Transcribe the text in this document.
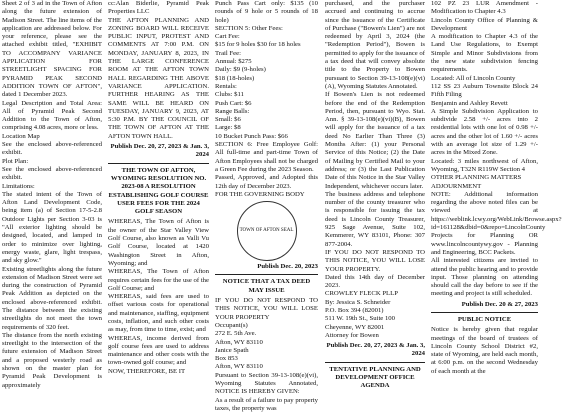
Sheet 2 of 3 ad in the Town of Afton along the future extension of Madison Street. The line items of the application are addressed below. For your reference, please see the attached exhibit titled, "EXHIBIT TO ACCOMPANY VARIANCE APPLICATION FOR STREETLIGHT SPACING FOR PYRAMID PEAK SECOND ADDITION TOWN OF AFTON", dated 1 December 2023.

Legal Description and Total Area: All of Pyramid Peak Second Addition to the Town of Afton, comprising 4.08 acres, more or less.

Location Map

See the enclosed above-referenced exhibit.

Plot Plan:

See the enclosed above-referenced exhibit.

Limitations:

The stated intent of the Town of Afton Land Development Code, being item (a) of Section 17-5-2.8 Outdoor Lights per Section 3-03 is "All exterior lighting should be designed, located, and lamped in order to minimize over lighting, energy waste, glare, light trespass, and sky glow."

Existing streetlights along the future extension of Madison Street were set during the construction of Pyramid Peak Addition as depicted on the enclosed above-referenced exhibit. The distance between the existing streetlights do not meet the town requirements of 320 feet.

The distance from the north existing streetlight to the intersection of the future extension of Madison Street and a proposed westerly road as shown on the master plan for Pyramid Peak Development is approximately

cc:Alan Biderlie, Pyramid Peak Properties LLC

THE AFTON PLANNING AND ZONING BOARD WILL RECEIVE PUBLIC INPUT, PROTEST AND COMMENTS AT 7:00 P.M. ON MONDAY, JANUARY 8, 2023, IN THE LARGE CONFERENCE ROOM AT THE AFTON TOWN HALL REGARDING THE ABOVE VARIANCE APPLICATION. FURTHER HEARING AS THE SAME WILL BE HEARD ON TUESDAY, JANUARY 9, 2023, AT 5:30 P.M. BY THE COUNCIL OF THE TOWN OF AFTON AT THE AFTON TOWN HALL.

Publish Dec. 20, 27, 2023 & Jan. 3, 2024

THE TOWN OF AFTON, WYOMING RESOLUTION NO. 2023-08 A RESOLUTION ESTABLISHING GOLF COURSE USER FEES FOR THE 2024 GOLF SEASON

WHEREAS, The Town of Afton is the owner of the Star Valley View Golf Course, also known as Valli Vu Golf Course, located at 1420 Washington Street in Afton, Wyoming; and

WHEREAS, The Town of Afton requires certain fees for the use of the Golf Course; and

WHEREAS, said fees are used to offset various costs for operational and maintenance, staffing, equipment costs, inflation, and such other costs as may, from time to time, exist; and

WHEREAS, income derived from golf course fees are used to address maintenance and other costs with the town-owned golf course; and

NOW, THEREFORE, BE IT

Punch Pass Cart only: $135 (10 rounds of 9 hole or 5 rounds of 18 hole)

SECTION 5: Other Fees:

Cart Fee:

$15 for 9 holes $30 for 18 holes

Trail Fee:

Annual: $275

Daily: $9 (9-holes)

$18 (18-holes)

Rentals:

Clubs: $11

Push Cart: $6

Range Balls:

Small: $6

Large: $8

10 Bucket Punch Pass: $66

SECTION 6: Free Employee Golf: All full-time and part-time Town of Afton Employees shall not be charged a Green Fee during the 2023 Season.

Passed, Approved, and Adopted this 12th day of December 2023.

FOR THE GOVERNING BODY

TOWN OF AFTON SEAL

Publish Dec. 20, 2023

NOTICE THAT A TAX DEED MAY ISSUE

IF YOU DO NOT RESPOND TO THIS NOTICE, YOU WILL LOSE YOUR PROPERTY

Occupant(s)

272 E. 5th Ave.

Afton, WY 83110

Janice Spath

Box 853

Afton, WY 83110

Pursuant to Section 39-13-108(e)(vi), Wyoming Statutes Annotated, NOTICE IS HEREBY GIVEN:

As a result of a failure to pay property taxes, the property was

purchased, and the purchaser accrued and continuing to accrue since the issuance of the Certificate of Purchase ("Bowen's Lien") are not redeemed by April 3, 2024 (the "Redemption Period"), Bowen is permitted to apply for the issuance of a tax deed that will convey absolute title to the Property to Bowen pursuant to Section 39-13-108(e)(vi)(A), Wyoming Statutes Annotated.

If Bowen's Lien is not redeemed before the end of the Redemption Period, then, pursuant to Wyo. Stat. Ann. § 39-13-108(e)(vi)(B), Bowen will apply for the issuance of a tax deed No Earlier Than Three (3) Months After: (1) your Personal Service of this Notice; (2) the Date of Mailing by Certified Mail to your address; or (3) the Last Publication Date of this Notice in the Star Valley Independent, whichever occurs later.

The business address and telephone number of the county treasurer who is responsible for issuing the tax deed is Lincoln County Treasurer, 925 Sage Avenue, Suite 102, Kemmerer, WY 83101, Phone: 307 877-2004.

IF YOU DO NOT RESPOND TO THIS NOTICE, YOU WILL LOSE YOUR PROPERTY.

Dated this 14th day of December 2023.

CROWLEY FLECK PLLP

By: Jessica S. Schneider

P.O. Box 394 (82001)

511 W. 19th St., Suite 100

Cheyenne, WY 82001

Attorney for Bowen

Publish Dec. 20, 27, 2023 & Jan. 3, 2024

TENTATIVE PLANNING AND DEVELOPMENT OFFICE AGENDA

102 PZ 23 LUR Amendment - Modification to Chapter 4.3

Lincoln County Office of Planning & Development

A modification to Chapter 4.3 of the Land Use Regulations, to Exempt Simple and Minor Subdivisions from the new state subdivision fencing requirements.

Located: All of Lincoln County

112 SS 23 Auburn Townsite Block 24 Fifth Filing

Benjamin and Ashley Revett

A Simple Subdivision Application to subdivide 2.58 +/- acres into 2 residential lots with one lot of 0.98 +/- acres and the other lot of 1.60 +/- acres with an average lot size of 1.29 +/- acres in the Mixed Zone.

Located: 3 miles northwest of Afton, Wyoming, T32N R119W Section 4

OTHER PLANNING MATTERS

ADJOURNMENT

NOTE: Additional information regarding the above noted files can be viewed at https://weblink.lcwy.org/WebLink/Browse.aspx?id=161128&dbid=0&repo=LincolnCounty

Projects for Planning OR www.lincolncountywy.gov - Planning and Engineering, BCC Packets.

All interested citizens are invited to attend the public hearing and to provide input. Those planning on attending should call the day before to see if the meeting and project is still scheduled.

Publish Dec. 20 & 27, 2023

PUBLIC NOTICE

Notice is hereby given that regular meetings of the board of trustees of Lincoln County School District #2, state of Wyoming, are held each month, at 6:00 p.m. on the second Wednesday of each month at the
